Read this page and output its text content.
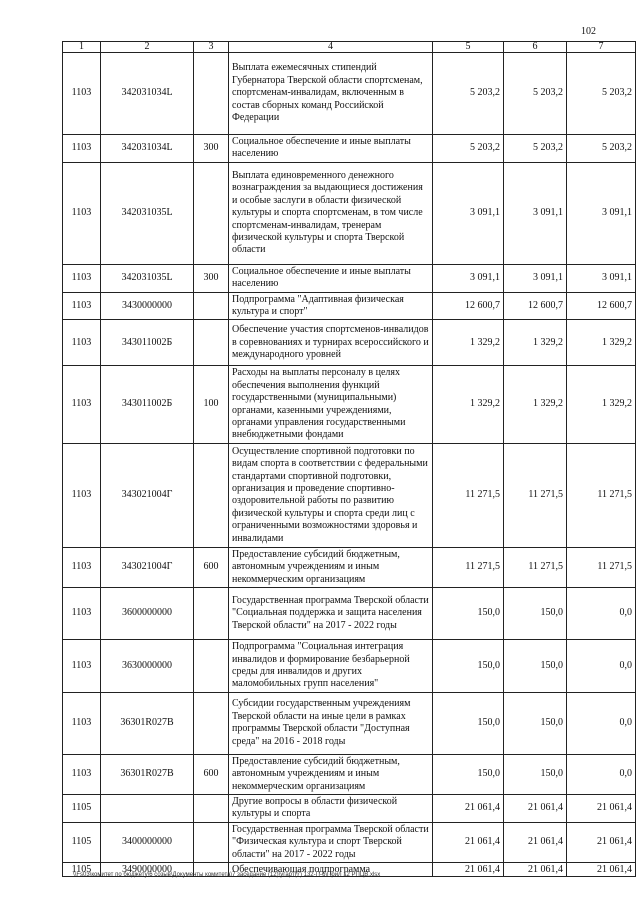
102
1	2	3	4	5	6	7
1103	342031034L		Выплата ежемесячных стипендий Губернатора Тверской области спортсменам, спортсменам-инвалидам, включенным в состав сборных команд Российской Федерации	5 203,2	5 203,2	5 203,2
1103	342031034L	300	Социальное обеспечение и иные выплаты населению	5 203,2	5 203,2	5 203,2
1103	342031035L		Выплата единовременного денежного вознаграждения за выдающиеся достижения и особые заслуги в области физической культуры и спорта спортсменам, в том числе спортсменам-инвалидам, тренерам физической культуры и спорта Тверской области	3 091,1	3 091,1	3 091,1
1103	342031035L	300	Социальное обеспечение и иные выплаты населению	3 091,1	3 091,1	3 091,1
1103	3430000000		Подпрограмма "Адаптивная физическая культура и спорт"	12 600,7	12 600,7	12 600,7
1103	343011002Б		Обеспечение участия спортсменов-инвалидов в соревнованиях и турнирах всероссийского и международного уровней	1 329,2	1 329,2	1 329,2
1103	343011002Б	100	Расходы на выплаты персоналу в целях обеспечения выполнения функций государственными (муниципальными) органами, казенными учреждениями, органами управления государственными внебюджетными фондами	1 329,2	1 329,2	1 329,2
1103	343021004Г		Осуществление спортивной подготовки по видам спорта в соответствии с федеральными стандартами спортивной подготовки, организация и проведение спортивно-оздоровительной работы по развитию физической культуры и спорта среди лиц с ограниченными возможностями здоровья и инвалидами	11 271,5	11 271,5	11 271,5
1103	343021004Г	600	Предоставление субсидий бюджетным, автономным учреждениям и иным некоммерческим организациям	11 271,5	11 271,5	11 271,5
1103	3600000000		Государственная программа Тверской области "Социальная поддержка и защита населения Тверской области" на 2017 - 2022 годы	150,0	150,0	0,0
1103	3630000000		Подпрограмма "Социальная интеграция инвалидов и формирование безбарьерной среды для инвалидов и других маломобильных групп населения"	150,0	150,0	0,0
1103	36301R027B		Субсидии государственным учреждениям Тверской области на иные цели в рамках программы Тверской области "Доступная среда" на 2016 - 2018 годы	150,0	150,0	0,0
1103	36301R027B	600	Предоставление субсидий бюджетным, автономным учреждениям и иным некоммерческим организациям	150,0	150,0	0,0
1105			Другие вопросы в области физической культуры и спорта	21 061,4	21 061,4	21 061,4
1105	3400000000		Государственная программа Тверской области "Физическая культура и спорт Тверской области" на 2017 - 2022 годы	21 061,4	21 061,4	21 061,4
1105	3490000000		Обеспечивающая подпрограмма	21 061,4	21 061,4	21 061,4
\\Fs03\комитет по бюджету\6 созыв\Документы комитета\7 заседание (12)\угарт(7) 132-П-б\Прил 12 РПЦВ.xlsx
